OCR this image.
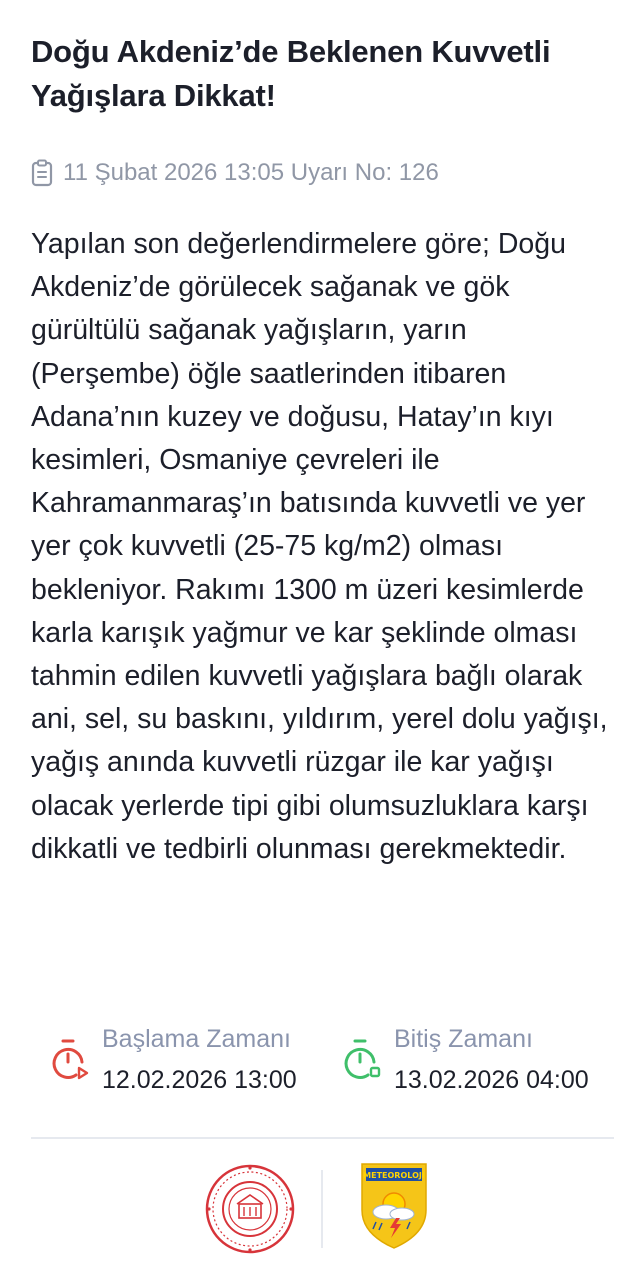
Doğu Akdeniz’de Beklenen Kuvvetli Yağışlara Dikkat!
11 Şubat 2026 13:05 Uyarı No: 126

Yapılan son değerlendirmelere göre; Doğu Akdeniz’de görülecek sağanak ve gök gürültülü sağanak yağışların, yarın (Perşembe) öğle saatlerinden itibaren Adana’nın kuzey ve doğusu, Hatay’ın kıyı kesimleri, Osmaniye çevreleri ile Kahramanmaraş’ın batısında kuvvetli ve yer yer çok kuvvetli (25-75 kg/m2) olması bekleniyor. Rakımı 1300 m üzeri kesimlerde karla karışık yağmur ve kar şeklinde olması tahmin edilen kuvvetli yağışlara bağlı olarak ani, sel, su baskını, yıldırım, yerel dolu yağışı, yağış anında kuvvetli rüzgar ile kar yağışı olacak yerlerde tipi gibi olumsuzluklara karşı dikkatli ve tedbirli olunması gerekmektedir.

Başlama Zamanı
12.02.2026 13:00
Bitiş Zamanı
13.02.2026 04:00
METEOROLOJİ
